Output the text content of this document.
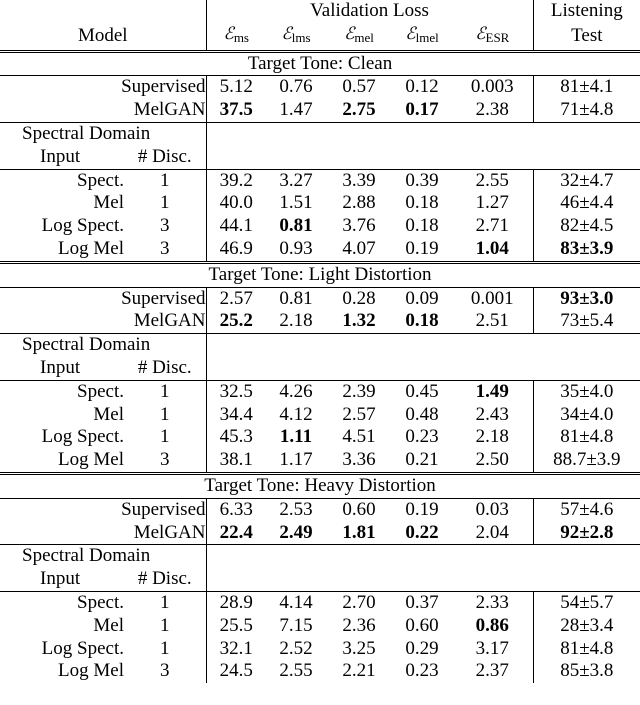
		Validation Loss					Listening
Model		ℰ$_{ms}$	ℰ$_{lms}$	ℰ$_{mel}$	ℰ$_{lmel}$	ℰ$_{ESR}$	Test
Target Tone: Clean							
Supervised		5.12	0.76	0.57	0.12	0.003	81±4.1
MelGAN		37.5	1.47	2.75	0.17	2.38	71±4.8
Spectral Domain							
Input	# Disc.						
Spect.	1	39.2	3.27	3.39	0.39	2.55	32±4.7
Mel	1	40.0	1.51	2.88	0.18	1.27	46±4.4
Log Spect.	3	44.1	0.81	3.76	0.18	2.71	82±4.5
Log Mel	3	46.9	0.93	4.07	0.19	1.04	83±3.9
Target Tone: Light Distortion							
Supervised		2.57	0.81	0.28	0.09	0.001	93±3.0
MelGAN		25.2	2.18	1.32	0.18	2.51	73±5.4
Spectral Domain							
Input	# Disc.						
Spect.	1	32.5	4.26	2.39	0.45	1.49	35±4.0
Mel	1	34.4	4.12	2.57	0.48	2.43	34±4.0
Log Spect.	1	45.3	1.11	4.51	0.23	2.18	81±4.8
Log Mel	3	38.1	1.17	3.36	0.21	2.50	88.7±3.9
Target Tone: Heavy Distortion							
Supervised		6.33	2.53	0.60	0.19	0.03	57±4.6
MelGAN		22.4	2.49	1.81	0.22	2.04	92±2.8
Spectral Domain							
Input	# Disc.						
Spect.	1	28.9	4.14	2.70	0.37	2.33	54±5.7
Mel	1	25.5	7.15	2.36	0.60	0.86	28±3.4
Log Spect.	1	32.1	2.52	3.25	0.29	3.17	81±4.8
Log Mel	3	24.5	2.55	2.21	0.23	2.37	85±3.8
